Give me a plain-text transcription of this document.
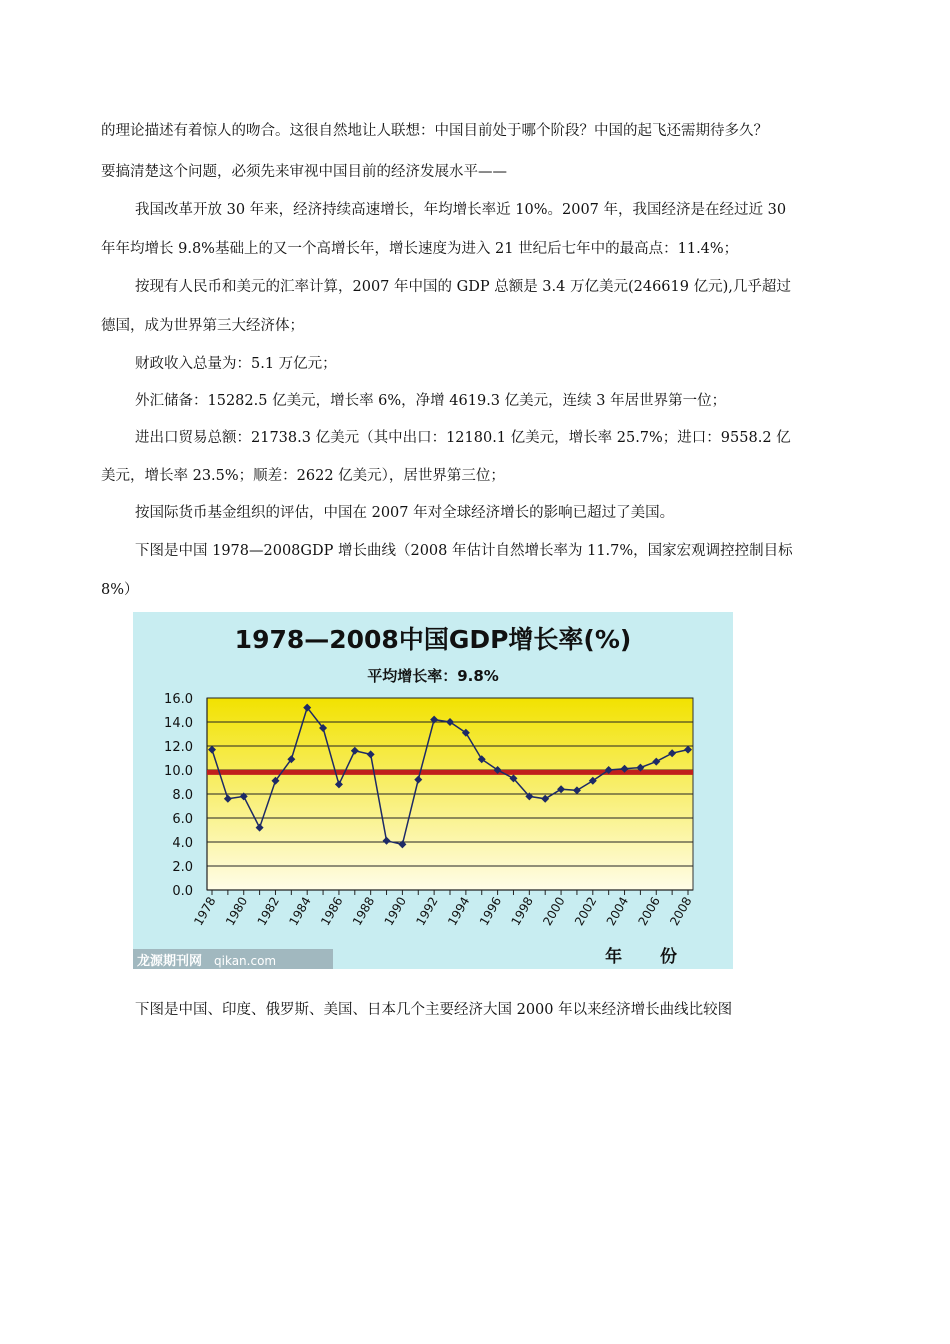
的理论描述有着惊人的吻合。这很自然地让人联想：中国目前处于哪个阶段？中国的起飞还需期待多久？
要搞清楚这个问题，必须先来审视中国目前的经济发展水平——
我国改革开放 30 年来，经济持续高速增长，年均增长率近 10%。2007 年，我国经济是在经过近 30
年年均增长 9.8%基础上的又一个高增长年，增长速度为进入 21 世纪后七年中的最高点：11.4%；
按现有人民币和美元的汇率计算，2007 年中国的 GDP 总额是 3.4 万亿美元(246619 亿元),几乎超过
德国，成为世界第三大经济体；
财政收入总量为：5.1 万亿元；
外汇储备：15282.5 亿美元，增长率 6%，净增 4619.3 亿美元，连续 3 年居世界第一位；
进出口贸易总额：21738.3 亿美元（其中出口：12180.1 亿美元，增长率 25.7%；进口：9558.2 亿
美元，增长率 23.5%；顺差：2622 亿美元），居世界第三位；
按国际货币基金组织的评估，中国在 2007 年对全球经济增长的影响已超过了美国。
下图是中国 1978—2008GDP 增长曲线（2008 年估计自然增长率为 11.7%，国家宏观调控控制目标
8%）
0.0
2.0
4.0
6.0
8.0
10.0
12.0
14.0
16.0
1978 1980 1982 1984 1986 1988 1990 1992 1994 1996 1998 2000 2002 2004 2006 2008
1978—2008中国GDP增长率(%)
平均增长率：9.8%
年 份
龙源期刊网 qikan.com
下图是中国、印度、俄罗斯、美国、日本几个主要经济大国 2000 年以来经济增长曲线比较图
